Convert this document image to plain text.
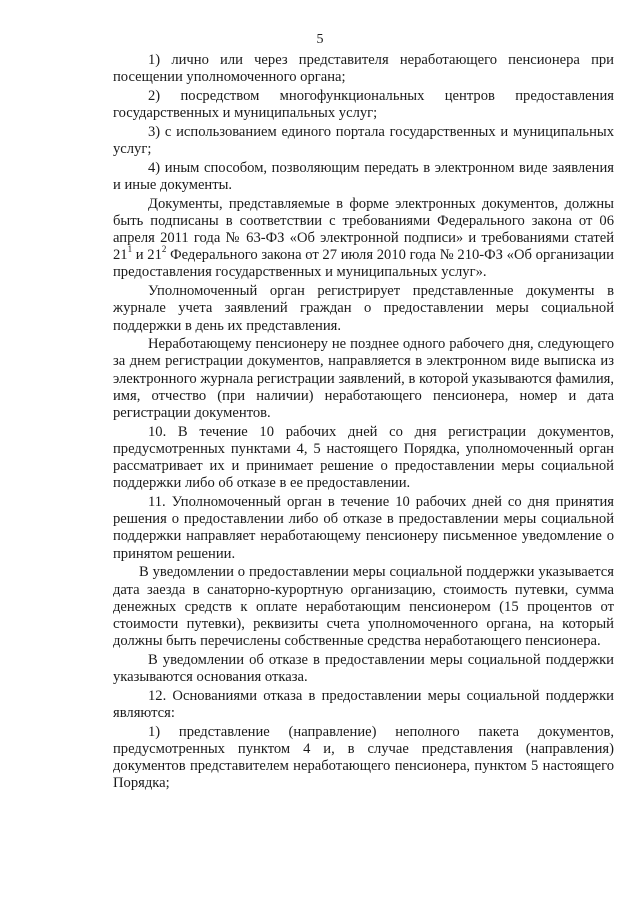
5

1) лично или через представителя неработающего пенсионера при посещении уполномоченного органа;

2) посредством многофункциональных центров предоставления государственных и муниципальных услуг;

3) с использованием единого портала государственных и муниципальных услуг;

4) иным способом, позволяющим передать в электронном виде заявления и иные документы.

Документы, представляемые в форме электронных документов, должны быть подписаны в соответствии с требованиями Федерального закона от 06 апреля 2011 года № 63-ФЗ «Об электронной подписи» и требованиями статей $21^1$ и $21^2$ Федерального закона от 27 июля 2010 года № 210-ФЗ «Об организации предоставления государственных и муниципальных услуг».

Уполномоченный орган регистрирует представленные документы в журнале учета заявлений граждан о предоставлении меры социальной поддержки в день их представления.

Неработающему пенсионеру не позднее одного рабочего дня, следующего за днем регистрации документов, направляется в электронном виде выписка из электронного журнала регистрации заявлений, в которой указываются фамилия, имя, отчество (при наличии) неработающего пенсионера, номер и дата регистрации документов.

10. В течение 10 рабочих дней со дня регистрации документов, предусмотренных пунктами 4, 5 настоящего Порядка, уполномоченный орган рассматривает их и принимает решение о предоставлении меры социальной поддержки либо об отказе в ее предоставлении.

11. Уполномоченный орган в течение 10 рабочих дней со дня принятия решения о предоставлении либо об отказе в предоставлении меры социальной поддержки направляет неработающему пенсионеру письменное уведомление о принятом решении.

В уведомлении о предоставлении меры социальной поддержки указывается дата заезда в санаторно-курортную организацию, стоимость путевки, сумма денежных средств к оплате неработающим пенсионером (15 процентов от стоимости путевки), реквизиты счета уполномоченного органа, на который должны быть перечислены собственные средства неработающего пенсионера.

В уведомлении об отказе в предоставлении меры социальной поддержки указываются основания отказа.

12. Основаниями отказа в предоставлении меры социальной поддержки являются:

1) представление (направление) неполного пакета документов, предусмотренных пунктом 4 и, в случае представления (направления) документов представителем неработающего пенсионера, пунктом 5 настоящего Порядка;
